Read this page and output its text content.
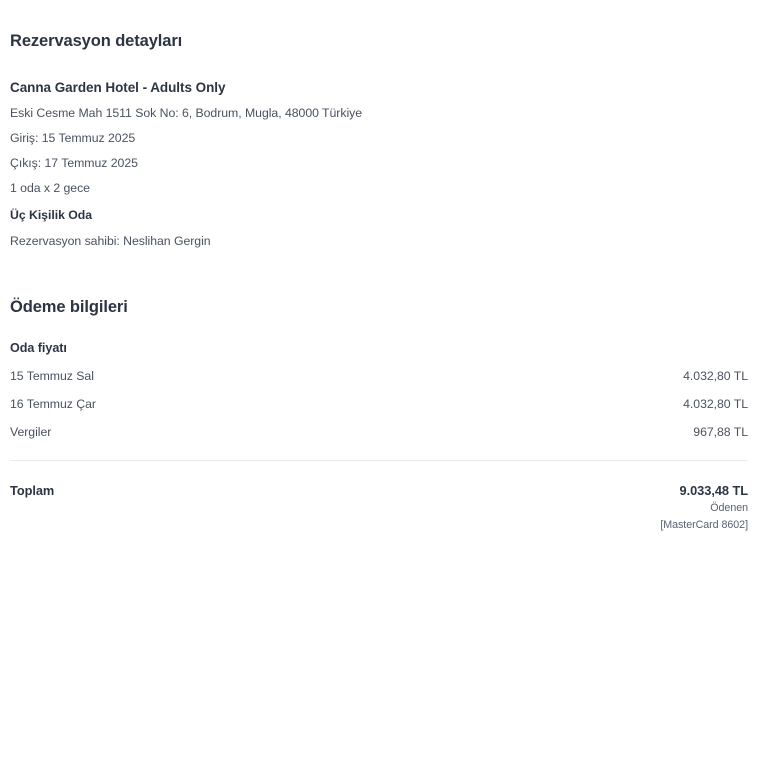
Rezervasyon detayları

Canna Garden Hotel - Adults Only

Eski Cesme Mah 1511 Sok No: 6, Bodrum, Mugla, 48000 Türkiye

Giriş: 15 Temmuz 2025

Çıkış: 17 Temmuz 2025

1 oda x 2 gece

Üç Kişilik Oda

Rezervasyon sahibi: Neslihan Gergin

Ödeme bilgileri

Oda fiyatı

15 Temmuz Sal	4.032,80 TL
16 Temmuz Çar	4.032,80 TL
Vergiler	967,88 TL
Toplam	9.033,48 TL
Ödenen
[MasterCard 8602]
